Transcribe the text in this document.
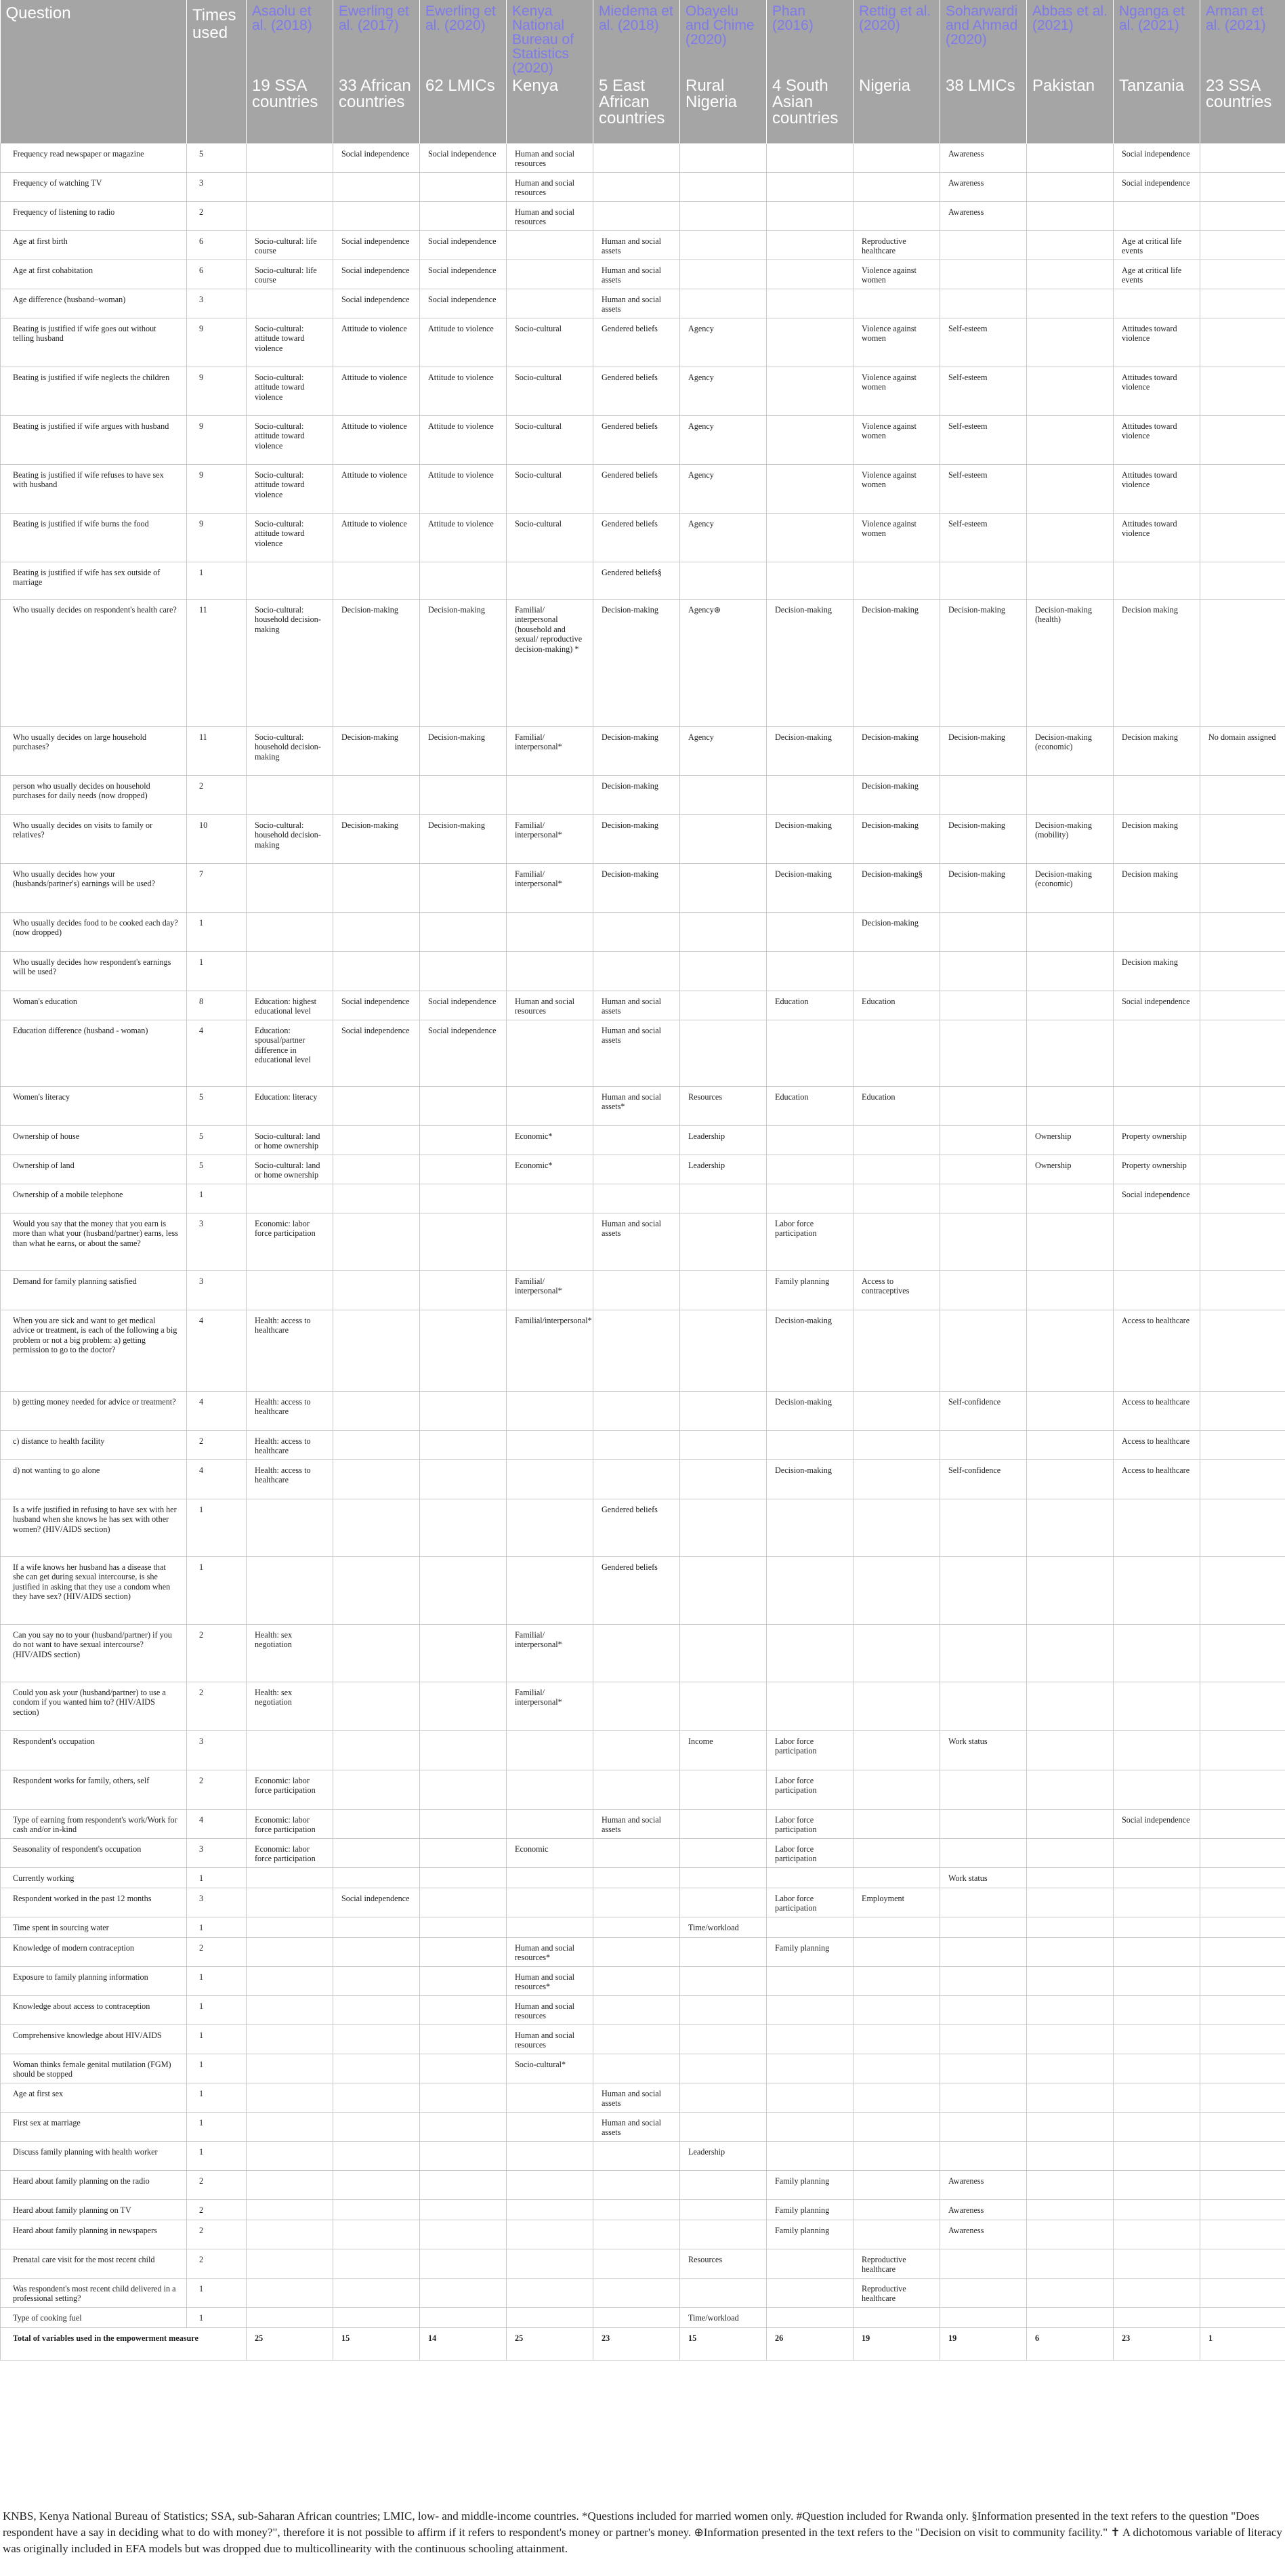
Question	Times used	Asaolu et al. (2018)	Ewerling et al. (2017)	Ewerling et al. (2020)	Kenya National Bureau of Statistics (2020)	Miedema et al. (2018)	Obayelu and Chime (2020)	Phan (2016)	Rettig et al. (2020)	Soharwardi and Ahmad (2020)	Abbas et al. (2021)	Nganga et al. (2021)	Arman et al. (2021)
		19 SSA countries	33 African countries	62 LMICs	Kenya	5 East African countries	Rural Nigeria	4 South Asian countries	Nigeria	38 LMICs	Pakistan	Tanzania	23 SSA countries
Frequency read newspaper or magazine	5		Social independence	Social independence	Human and social resources					Awareness		Social independence	
Frequency of watching TV	3				Human and social resources					Awareness		Social independence	
Frequency of listening to radio	2				Human and social resources					Awareness			
Age at first birth	6	Socio-cultural: life course	Social independence	Social independence		Human and social assets			Reproductive healthcare			Age at critical life events	
Age at first cohabitation	6	Socio-cultural: life course	Social independence	Social independence		Human and social assets			Violence against women			Age at critical life events	
Age difference (husband–woman)	3		Social independence	Social independence		Human and social assets							
Beating is justified if wife goes out without telling husband	9	Socio-cultural: attitude toward violence	Attitude to violence	Attitude to violence	Socio-cultural	Gendered beliefs	Agency		Violence against women	Self-esteem		Attitudes toward violence	
Beating is justified if wife neglects the children	9	Socio-cultural: attitude toward violence	Attitude to violence	Attitude to violence	Socio-cultural	Gendered beliefs	Agency		Violence against women	Self-esteem		Attitudes toward violence	
Beating is justified if wife argues with husband	9	Socio-cultural: attitude toward violence	Attitude to violence	Attitude to violence	Socio-cultural	Gendered beliefs	Agency		Violence against women	Self-esteem		Attitudes toward violence	
Beating is justified if wife refuses to have sex with husband	9	Socio-cultural: attitude toward violence	Attitude to violence	Attitude to violence	Socio-cultural	Gendered beliefs	Agency		Violence against women	Self-esteem		Attitudes toward violence	
Beating is justified if wife burns the food	9	Socio-cultural: attitude toward violence	Attitude to violence	Attitude to violence	Socio-cultural	Gendered beliefs	Agency		Violence against women	Self-esteem		Attitudes toward violence	
Beating is justified if wife has sex outside of marriage	1					Gendered beliefs§							
Who usually decides on respondent's health care?	11	Socio-cultural: household decision-making	Decision-making	Decision-making	Familial/ interpersonal (household and sexual/ reproductive decision-making) *	Decision-making	Agency⊕	Decision-making	Decision-making	Decision-making	Decision-making (health)	Decision making	
Who usually decides on large household purchases?	11	Socio-cultural: household decision-making	Decision-making	Decision-making	Familial/ interpersonal*	Decision-making	Agency	Decision-making	Decision-making	Decision-making	Decision-making (economic)	Decision making	No domain assigned
person who usually decides on household purchases for daily needs (now dropped)	2					Decision-making			Decision-making				
Who usually decides on visits to family or relatives?	10	Socio-cultural: household decision-making	Decision-making	Decision-making	Familial/ interpersonal*	Decision-making		Decision-making	Decision-making	Decision-making	Decision-making (mobility)	Decision making	
Who usually decides how your (husbands/partner's) earnings will be used?	7				Familial/ interpersonal*	Decision-making		Decision-making	Decision-making§	Decision-making	Decision-making (economic)	Decision making	
Who usually decides food to be cooked each day? (now dropped)	1								Decision-making				
Who usually decides how respondent's earnings will be used?	1											Decision making	
Woman's education	8	Education: highest educational level	Social independence	Social independence	Human and social resources	Human and social assets		Education	Education			Social independence	
Education difference (husband - woman)	4	Education: spousal/partner difference in educational level	Social independence	Social independence		Human and social assets							
Women's literacy	5	Education: literacy				Human and social assets*	Resources	Education	Education				
Ownership of house	5	Socio-cultural: land or home ownership			Economic*		Leadership				Ownership	Property ownership	
Ownership of land	5	Socio-cultural: land or home ownership			Economic*		Leadership				Ownership	Property ownership	
Ownership of a mobile telephone	1											Social independence	
Would you say that the money that you earn is more than what your (husband/partner) earns, less than what he earns, or about the same?	3	Economic: labor force participation				Human and social assets		Labor force participation					
Demand for family planning satisfied	3				Familial/ interpersonal*			Family planning	Access to contraceptives				
When you are sick and want to get medical advice or treatment, is each of the following a big problem or not a big problem: a) getting permission to go to the doctor?	4	Health: access to healthcare			Familial/interpersonal*			Decision-making				Access to healthcare	
b) getting money needed for advice or treatment?	4	Health: access to healthcare						Decision-making		Self-confidence		Access to healthcare	
c) distance to health facility	2	Health: access to healthcare										Access to healthcare	
d) not wanting to go alone	4	Health: access to healthcare						Decision-making		Self-confidence		Access to healthcare	
Is a wife justified in refusing to have sex with her husband when she knows he has sex with other women? (HIV/AIDS section)	1					Gendered beliefs							
If a wife knows her husband has a disease that she can get during sexual intercourse, is she justified in asking that they use a condom when they have sex? (HIV/AIDS section)	1					Gendered beliefs							
Can you say no to your (husband/partner) if you do not want to have sexual intercourse? (HIV/AIDS section)	2	Health: sex negotiation			Familial/ interpersonal*								
Could you ask your (husband/partner) to use a condom if you wanted him to? (HIV/AIDS section)	2	Health: sex negotiation			Familial/ interpersonal*								
Respondent's occupation	3						Income	Labor force participation		Work status			
Respondent works for family, others, self	2	Economic: labor force participation						Labor force participation					
Type of earning from respondent's work/Work for cash and/or in-kind	4	Economic: labor force participation				Human and social assets		Labor force participation				Social independence	
Seasonality of respondent's occupation	3	Economic: labor force participation			Economic			Labor force participation					
Currently working	1									Work status			
Respondent worked in the past 12 months	3		Social independence					Labor force participation	Employment				
Time spent in sourcing water	1						Time/workload						
Knowledge of modern contraception	2				Human and social resources*			Family planning					
Exposure to family planning information	1				Human and social resources*								
Knowledge about access to contraception	1				Human and social resources								
Comprehensive knowledge about HIV/AIDS	1				Human and social resources								
Woman thinks female genital mutilation (FGM) should be stopped	1				Socio-cultural*								
Age at first sex	1					Human and social assets							
First sex at marriage	1					Human and social assets							
Discuss family planning with health worker	1						Leadership						
Heard about family planning on the radio	2							Family planning		Awareness			
Heard about family planning on TV	2							Family planning		Awareness			
Heard about family planning in newspapers	2							Family planning		Awareness			
Prenatal care visit for the most recent child	2						Resources		Reproductive healthcare				
Was respondent's most recent child delivered in a professional setting?	1								Reproductive healthcare				
Type of cooking fuel	1						Time/workload						
Total of variables used in the empowerment measure		25	15	14	25	23	15	26	19	19	6	23	1
KNBS, Kenya National Bureau of Statistics; SSA, sub-Saharan African countries; LMIC, low- and middle-income countries. *Questions included for married women only. #Question included for Rwanda only. §Information presented in the text refers to the question "Does respondent have a say in deciding what to do with money?", therefore it is not possible to affirm if it refers to respondent's money or partner's money. ⊕Information presented in the text refers to the "Decision on visit to community facility." ✝ A dichotomous variable of literacy was originally included in EFA models but was dropped due to multicollinearity with the continuous schooling attainment.
